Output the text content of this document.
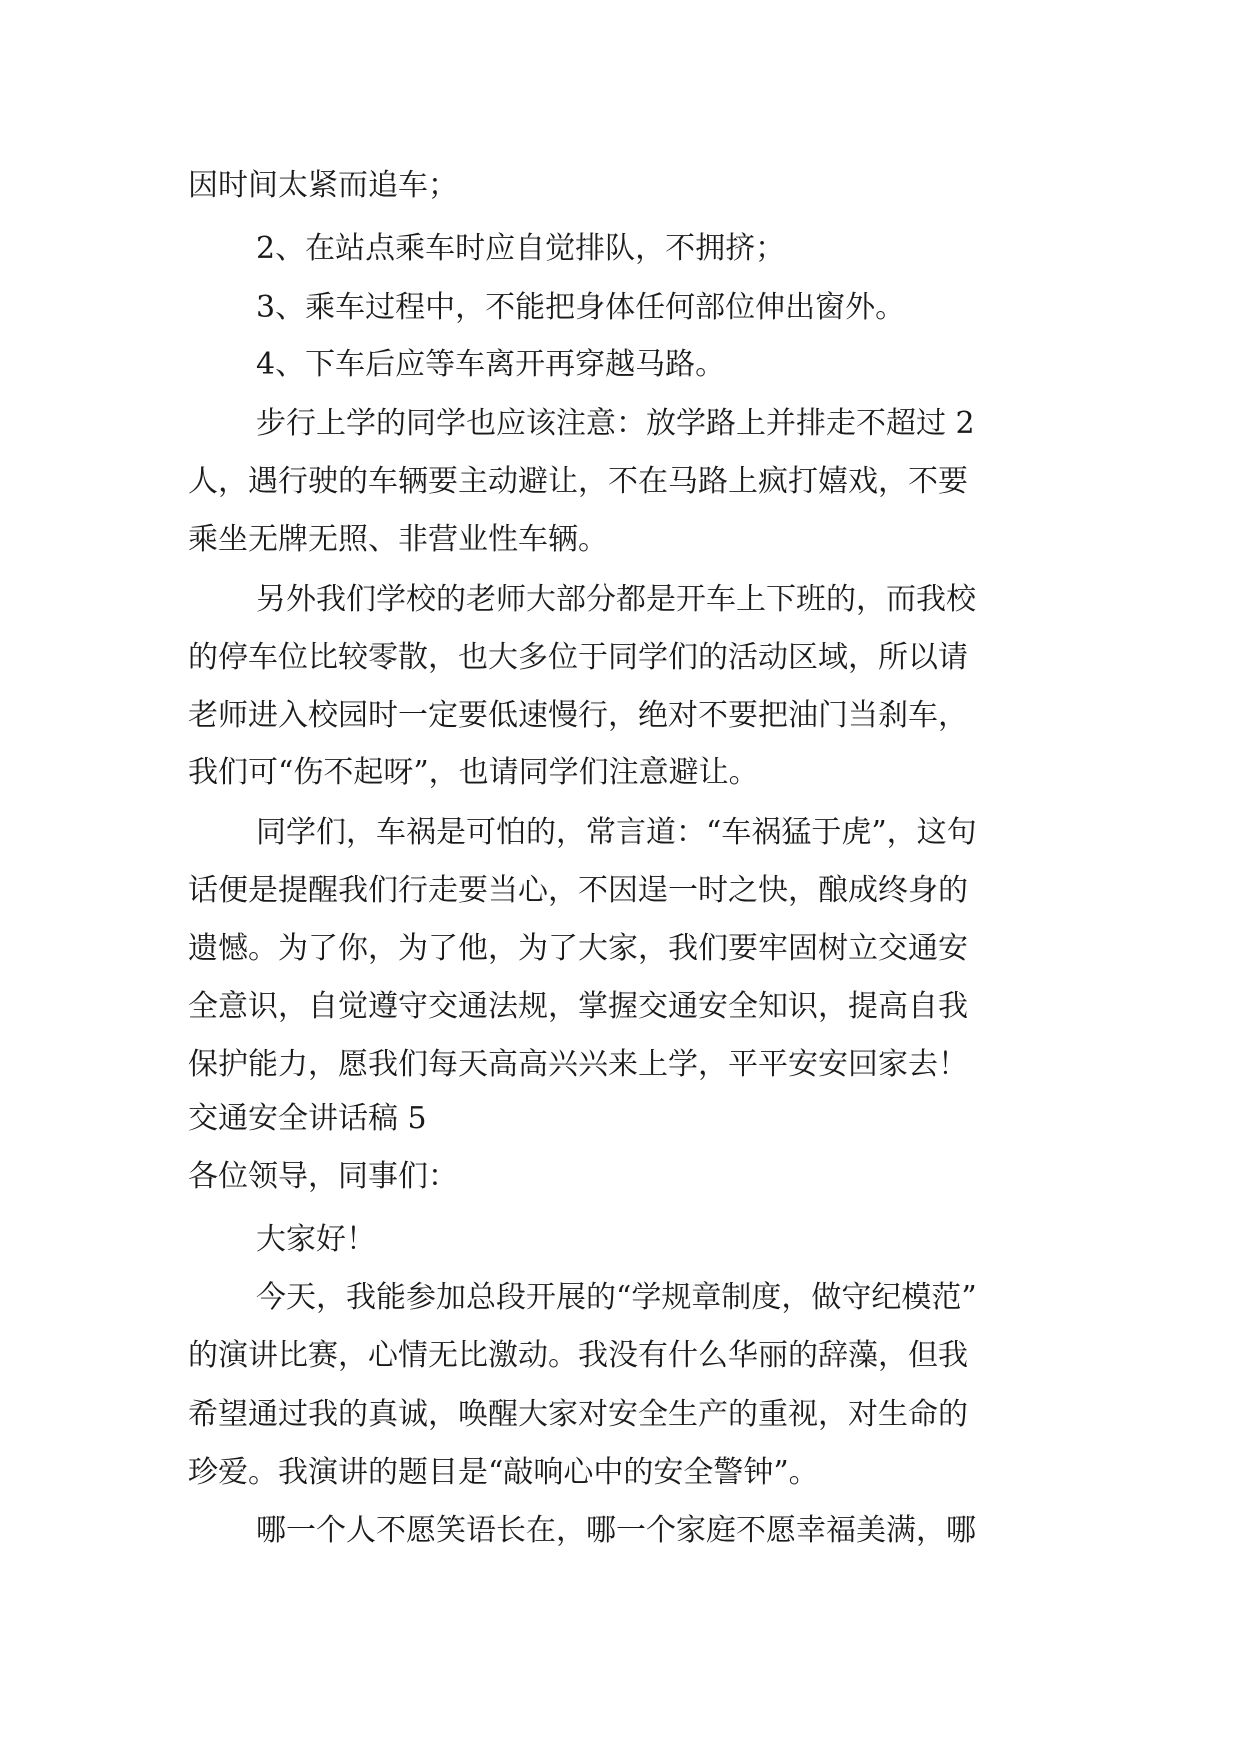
因时间太紧而追车；

2、在站点乘车时应自觉排队，不拥挤；

3、乘车过程中，不能把身体任何部位伸出窗外。

4、下车后应等车离开再穿越马路。

步行上学的同学也应该注意：放学路上并排走不超过 2

人，遇行驶的车辆要主动避让，不在马路上疯打嬉戏，不要

乘坐无牌无照、非营业性车辆。

另外我们学校的老师大部分都是开车上下班的，而我校

的停车位比较零散，也大多位于同学们的活动区域，所以请

老师进入校园时一定要低速慢行，绝对不要把油门当刹车，

我们可“伤不起呀”，也请同学们注意避让。

同学们，车祸是可怕的，常言道：“车祸猛于虎”，这句

话便是提醒我们行走要当心，不因逞一时之快，酿成终身的

遗憾。为了你，为了他，为了大家，我们要牢固树立交通安

全意识，自觉遵守交通法规，掌握交通安全知识，提高自我

保护能力，愿我们每天高高兴兴来上学，平平安安回家去！

交通安全讲话稿 5

各位领导，同事们：

大家好！

今天，我能参加总段开展的“学规章制度，做守纪模范”

的演讲比赛，心情无比激动。我没有什么华丽的辞藻，但我

希望通过我的真诚，唤醒大家对安全生产的重视，对生命的

珍爱。我演讲的题目是“敲响心中的安全警钟”。

哪一个人不愿笑语长在，哪一个家庭不愿幸福美满，哪
